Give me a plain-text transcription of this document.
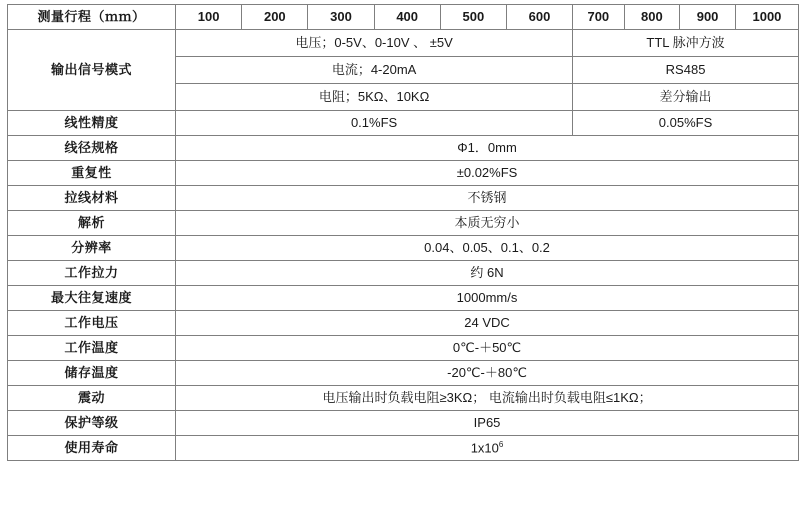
测量行程（ｍｍ）	100	200	300	400	500	600	700	800	900	1000
输出信号模式	电压；0-5V、0-10V 、 ±5V						TTL 脉冲方波			
	电流；4-20mA						RS485			
	电阻；5KΩ、10KΩ						差分输出			
线性精度	0.1%FS						0.05%FS			
线径规格	Φ1．0mm									
重复性	±0.02%FS									
拉线材料	不锈钢									
解析	本质无穷小									
分辨率	0.04、0.05、0.1、0.2									
工作拉力	约 6N									
最大往复速度	1000mm/s									
工作电压	24 VDC									
工作温度	0℃-＋50℃									
储存温度	-20℃-＋80℃									
震动	电压输出时负载电阻≥3KΩ； 电流输出时负载电阻≤1KΩ；									
保护等级	IP65									
使用寿命	$1x10^6$
